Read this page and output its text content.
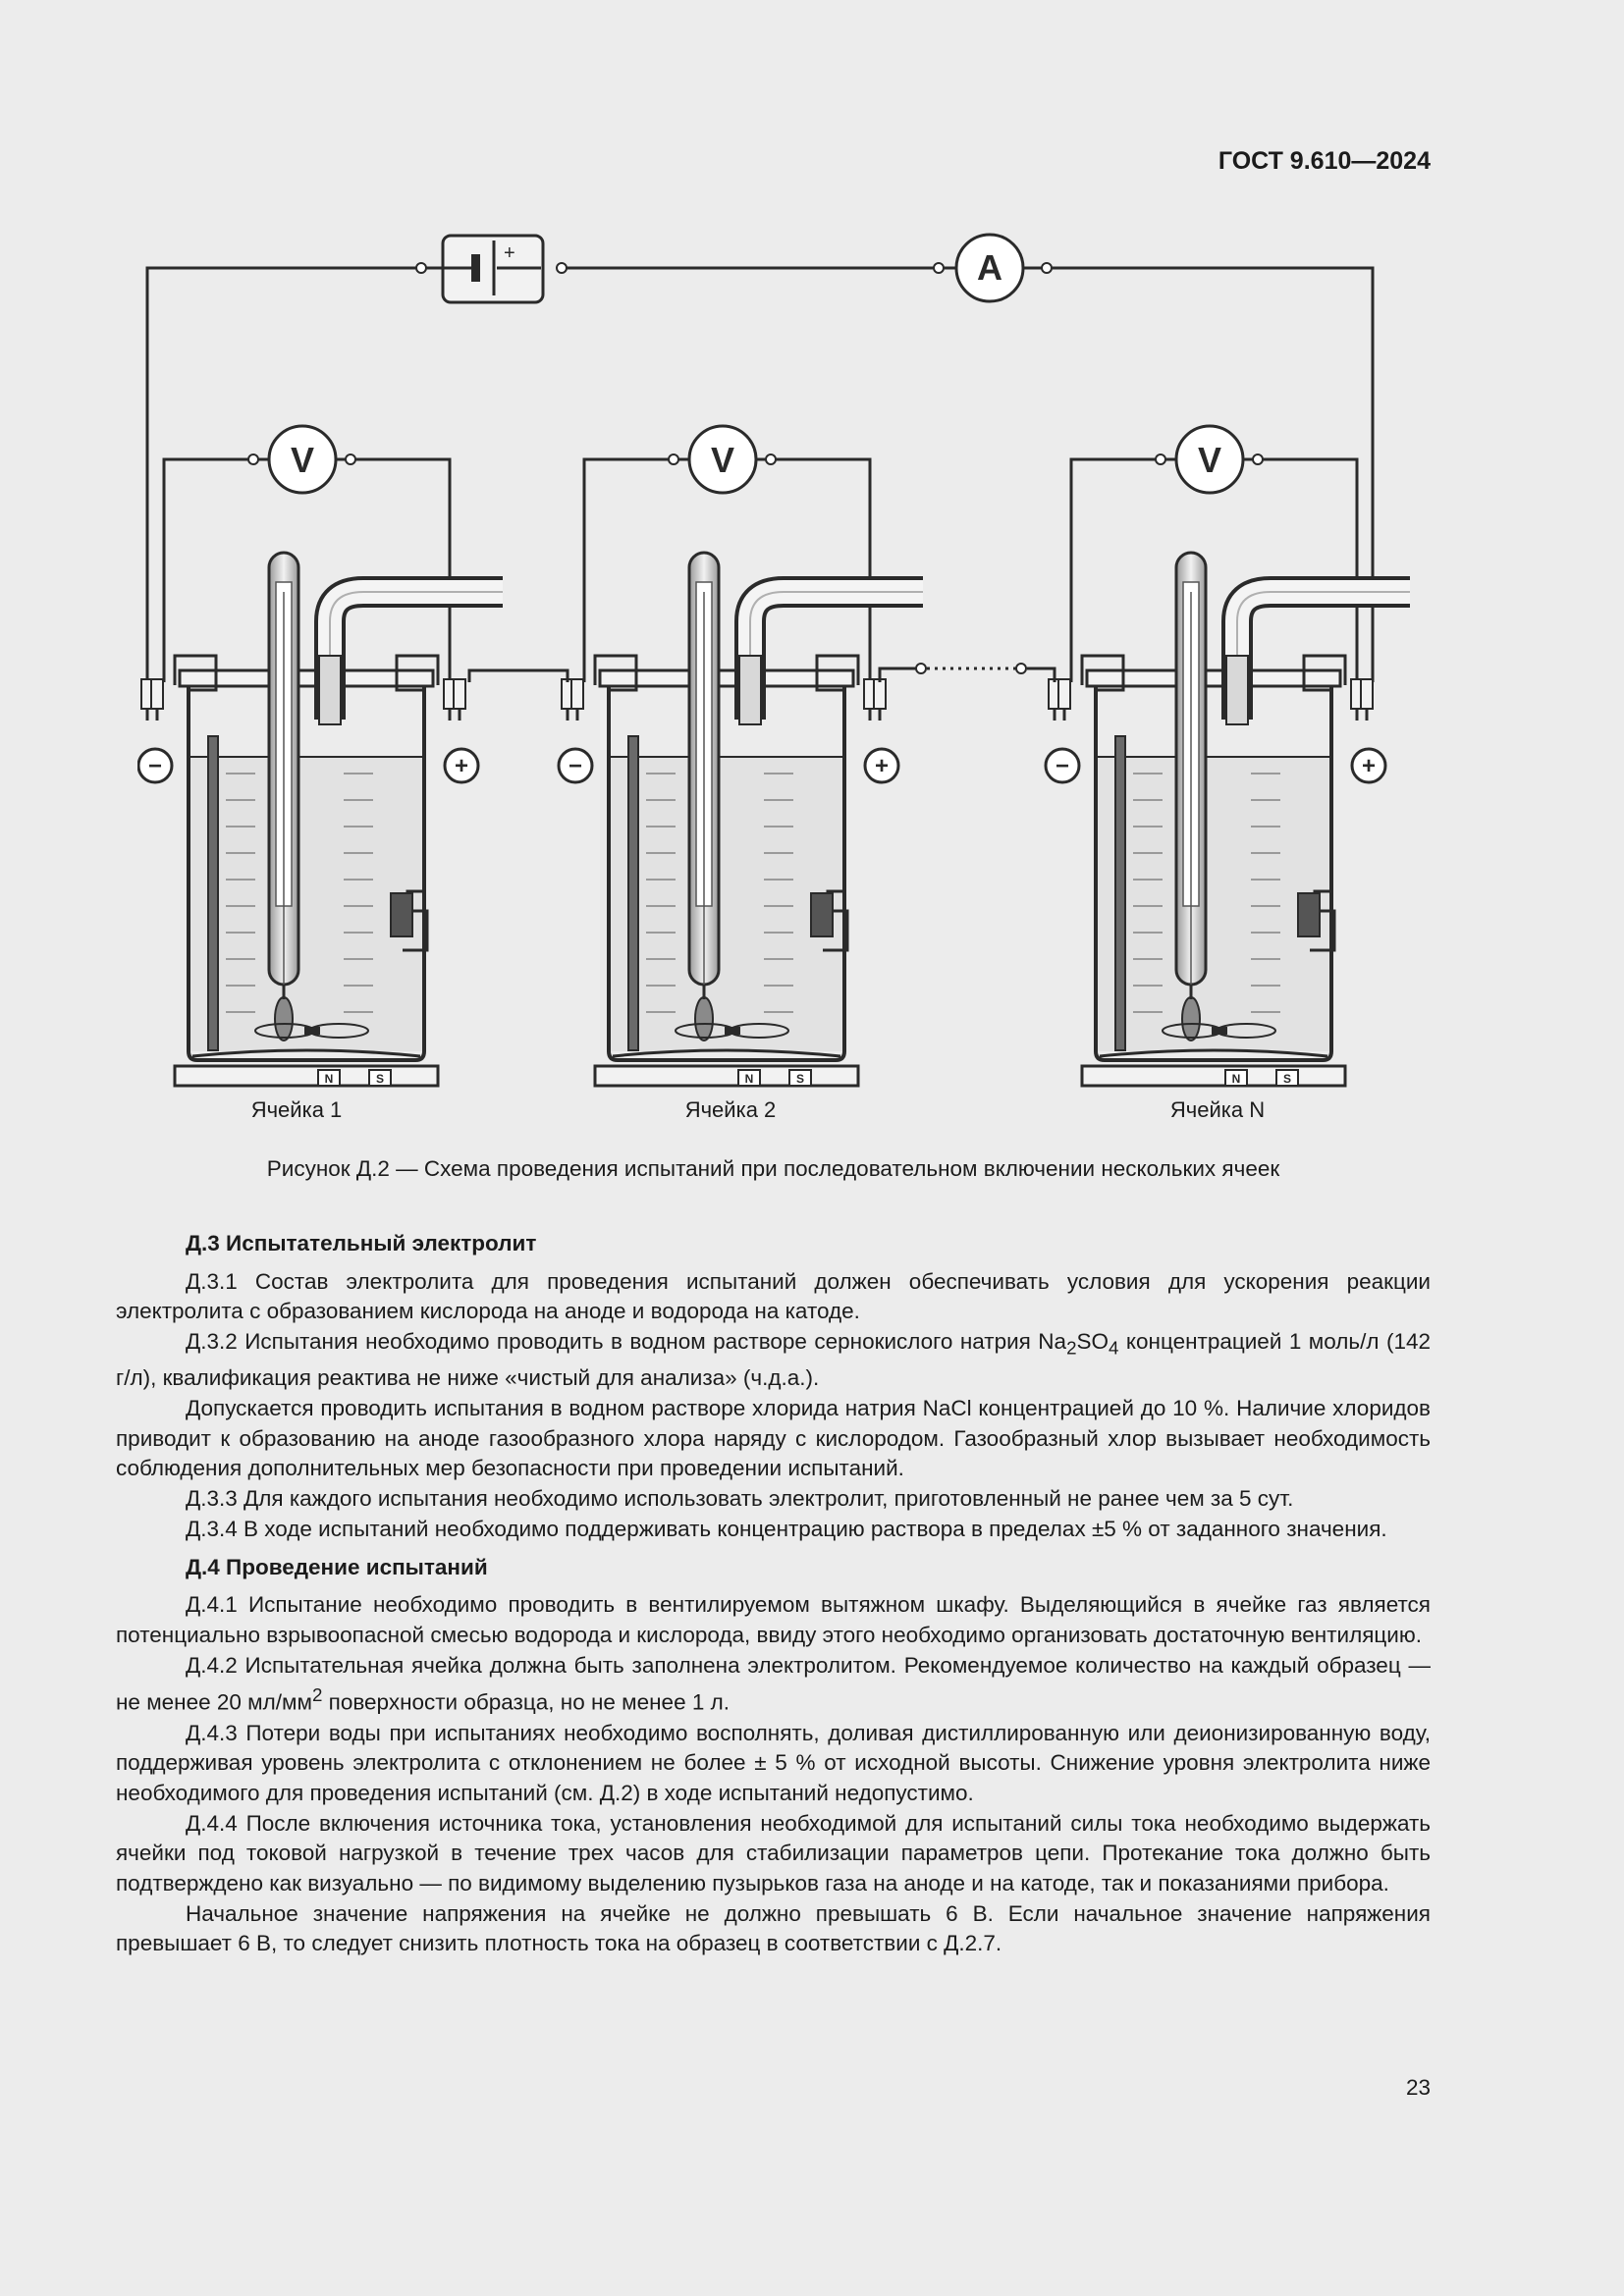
ГОСТ 9.610—2024
+	A
V
−	+
N	S
V
−	+
N	S
V
−	+
N	S
Ячейка 1	Ячейка 2	Ячейка N
Рисунок Д.2 — Схема проведения испытаний при последовательном включении нескольких ячеек
Д.3 Испытательный электролит

Д.3.1 Состав электролита для проведения испытаний должен обеспечивать условия для ускорения реакции электролита с образованием кислорода на аноде и водорода на катоде.

Д.3.2 Испытания необходимо проводить в водном растворе сернокислого натрия $Na_2SO_4$ концентрацией 1 моль/л (142 г/л), квалификация реактива не ниже «чистый для анализа» (ч.д.а.).

Допускается проводить испытания в водном растворе хлорида натрия NaCl концентрацией до 10 %. Наличие хлоридов приводит к образованию на аноде газообразного хлора наряду с кислородом. Газообразный хлор вызывает необходимость соблюдения дополнительных мер безопасности при проведении испытаний.

Д.3.3 Для каждого испытания необходимо использовать электролит, приготовленный не ранее чем за 5 сут.

Д.3.4 В ходе испытаний необходимо поддерживать концентрацию раствора в пределах ±5 % от заданного значения.

Д.4 Проведение испытаний

Д.4.1 Испытание необходимо проводить в вентилируемом вытяжном шкафу. Выделяющийся в ячейке газ является потенциально взрывоопасной смесью водорода и кислорода, ввиду этого необходимо организовать достаточную вентиляцию.

Д.4.2 Испытательная ячейка должна быть заполнена электролитом. Рекомендуемое количество на каждый образец — не менее 20 $мл/мм^2$ поверхности образца, но не менее 1 л.

Д.4.3 Потери воды при испытаниях необходимо восполнять, доливая дистиллированную или деионизированную воду, поддерживая уровень электролита с отклонением не более ± 5 % от исходной высоты. Снижение уровня электролита ниже необходимого для проведения испытаний (см. Д.2) в ходе испытаний недопустимо.

Д.4.4 После включения источника тока, установления необходимой для испытаний силы тока необходимо выдержать ячейки под токовой нагрузкой в течение трех часов для стабилизации параметров цепи. Протекание тока должно быть подтверждено как визуально — по видимому выделению пузырьков газа на аноде и на катоде, так и показаниями прибора.

Начальное значение напряжения на ячейке не должно превышать 6 В. Если начальное значение напряжения превышает 6 В, то следует снизить плотность тока на образец в соответствии с Д.2.7.

23
